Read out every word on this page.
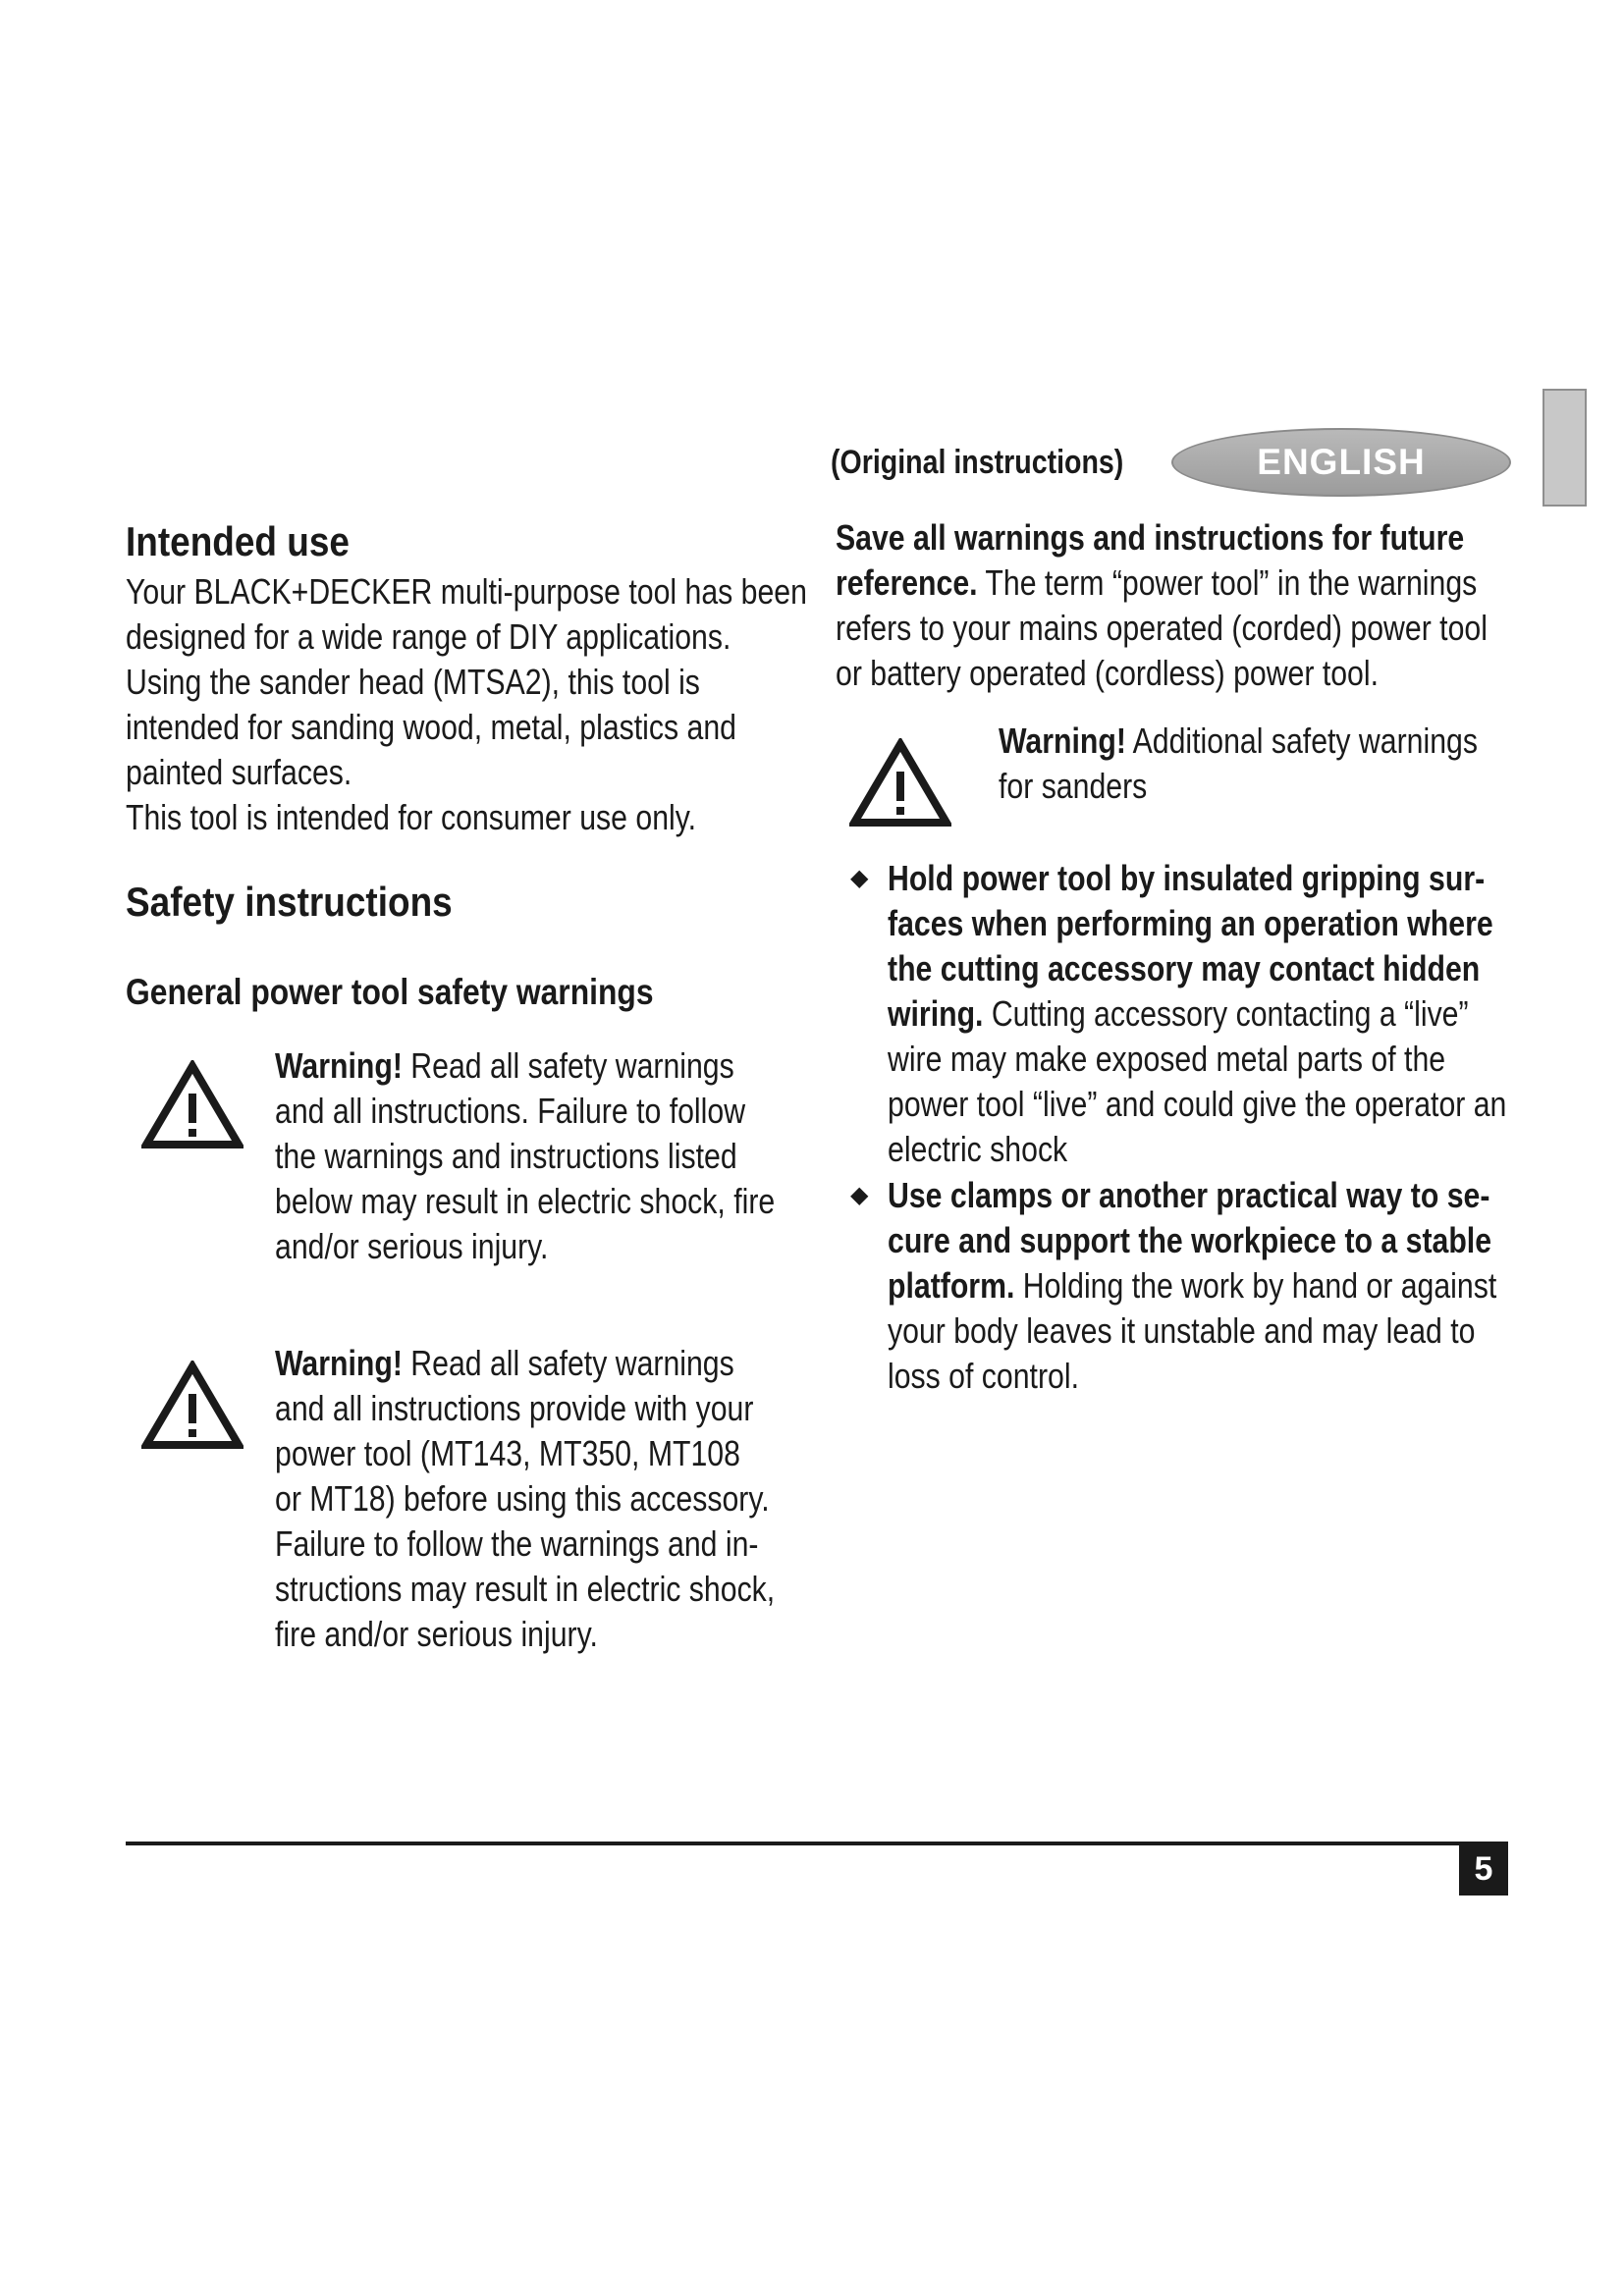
(Original instructions)	ENGLISH
Intended use
Your BLACK+DECKER multi-purpose tool has been
designed for a wide range of DIY applications.
Using the sander head (MTSA2), this tool is
intended for sanding wood, metal, plastics and
painted surfaces.
This tool is intended for consumer use only.
Safety instructions
General power tool safety warnings
Warning! Read all safety warnings
and all instructions. Failure to follow
the warnings and instructions listed
below may result in electric shock, fire
and/or serious injury.
Warning! Read all safety warnings
and all instructions provide with your
power tool (MT143, MT350, MT108
or MT18) before using this accessory.
Failure to follow the warnings and in-
structions may result in electric shock,
fire and/or serious injury.
Save all warnings and instructions for future
reference. The term “power tool” in the warnings
refers to your mains operated (corded) power tool
or battery operated (cordless) power tool.
Warning! Additional safety warnings
for sanders
◆ Hold power tool by insulated gripping sur-
faces when performing an operation where
the cutting accessory may contact hidden
wiring. Cutting accessory contacting a “live”
wire may make exposed metal parts of the
power tool “live” and could give the operator an
electric shock
◆ Use clamps or another practical way to se-
cure and support the workpiece to a stable
platform. Holding the work by hand or against
your body leaves it unstable and may lead to
loss of control.
5
